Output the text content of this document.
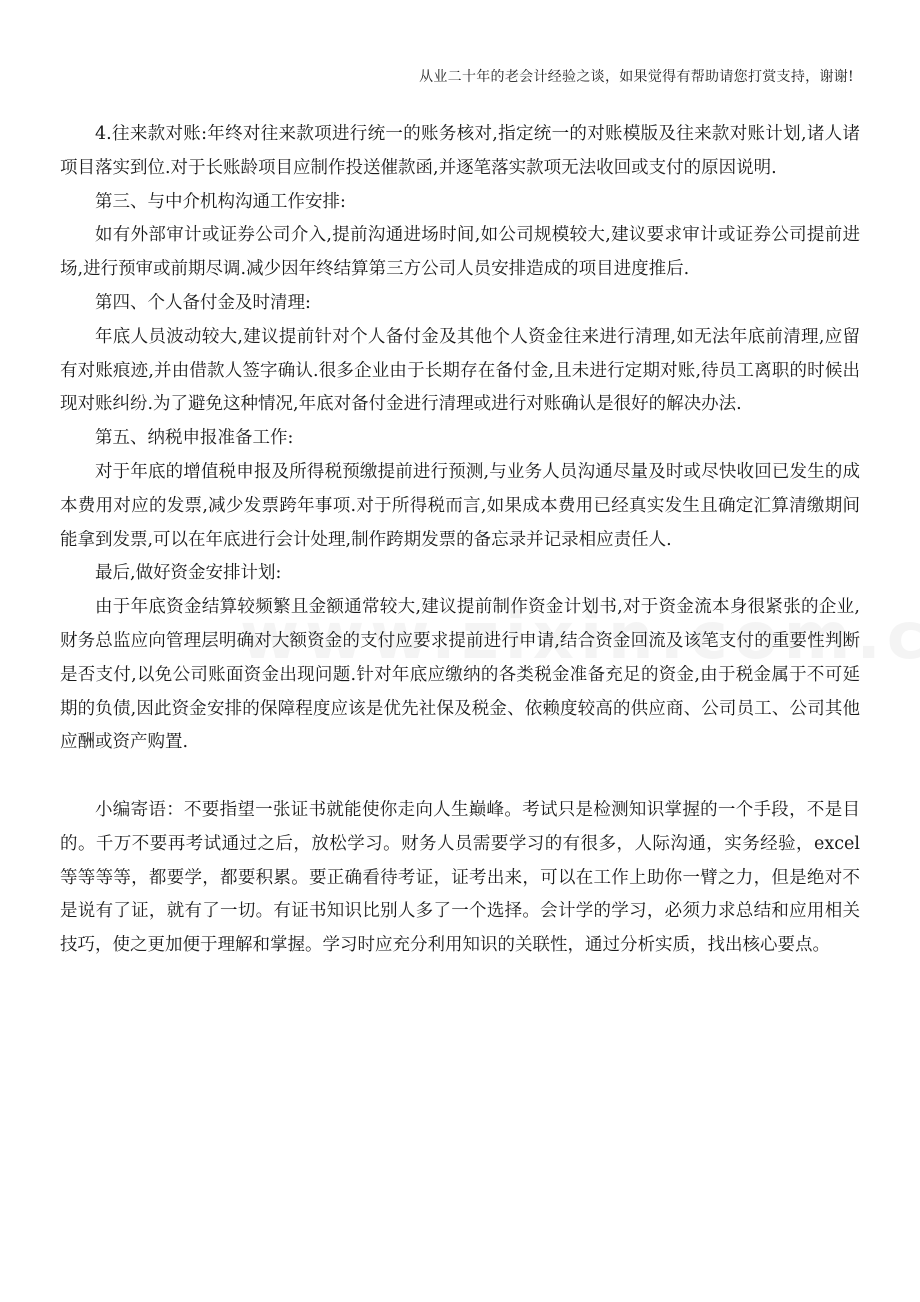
从业二十年的老会计经验之谈，如果觉得有帮助请您打赏支持，谢谢!

4.往来款对账:年终对往来款项进行统一的账务核对,指定统一的对账模版及往来款对账计划,诸人诸项目落实到位.对于长账龄项目应制作投送催款函,并逐笔落实款项无法收回或支付的原因说明.

第三、与中介机构沟通工作安排:

如有外部审计或证券公司介入,提前沟通进场时间,如公司规模较大,建议要求审计或证券公司提前进场,进行预审或前期尽调.减少因年终结算第三方公司人员安排造成的项目进度推后.

第四、个人备付金及时清理:

年底人员波动较大,建议提前针对个人备付金及其他个人资金往来进行清理,如无法年底前清理,应留有对账痕迹,并由借款人签字确认.很多企业由于长期存在备付金,且未进行定期对账,待员工离职的时候出现对账纠纷.为了避免这种情况,年底对备付金进行清理或进行对账确认是很好的解决办法.

第五、纳税申报准备工作:

对于年底的增值税申报及所得税预缴提前进行预测,与业务人员沟通尽量及时或尽快收回已发生的成本费用对应的发票,减少发票跨年事项.对于所得税而言,如果成本费用已经真实发生且确定汇算清缴期间能拿到发票,可以在年底进行会计处理,制作跨期发票的备忘录并记录相应责任人.

最后,做好资金安排计划:

由于年底资金结算较频繁且金额通常较大,建议提前制作资金计划书,对于资金流本身很紧张的企业,财务总监应向管理层明确对大额资金的支付应要求提前进行申请,结合资金回流及该笔支付的重要性判断是否支付,以免公司账面资金出现问题.针对年底应缴纳的各类税金准备充足的资金,由于税金属于不可延期的负债,因此资金安排的保障程度应该是优先社保及税金、依赖度较高的供应商、公司员工、公司其他应酬或资产购置.

小编寄语：不要指望一张证书就能使你走向人生巅峰。考试只是检测知识掌握的一个手段，不是目的。千万不要再考试通过之后，放松学习。财务人员需要学习的有很多，人际沟通，实务经验，excel 等等等等，都要学，都要积累。要正确看待考证，证考出来，可以在工作上助你一臂之力，但是绝对不是说有了证，就有了一切。有证书知识比别人多了一个选择。会计学的学习，必须力求总结和应用相关技巧，使之更加便于理解和掌握。学习时应充分利用知识的关联性，通过分析实质，找出核心要点。
